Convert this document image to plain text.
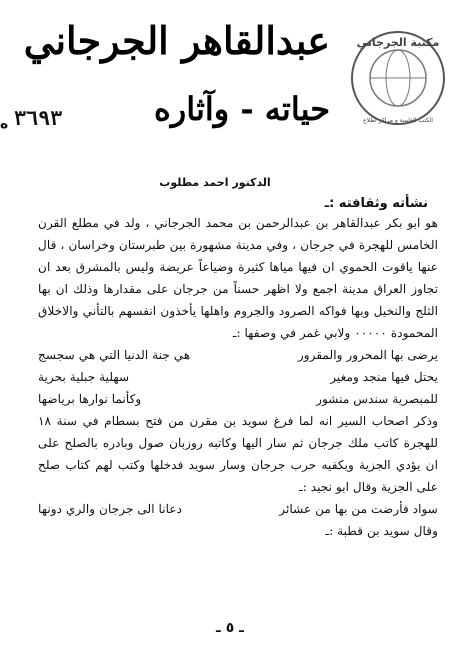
عبدالقاهر الجرجاني
حياته - وآثاره
ه ٣٦٩٣
مكتبة الجرجاني
الكتب العلمية و مراكز اطلاع
الدكتور احمد مطلوب
نشأته وثقافته :ـ

هو ابو بكر عبدالقاهر بن عبدالرحمن بن محمد الجرجاني ، ولد في مطلع القرن الخامس للهجرة في جرجان ، وفي مدينة مشهورة بين طبرستان وخراسان ، قال عنها ياقوت الحموي ان فيها مياها كثيرة وضياعاً عريضة وليس بالمشرق بعد ان تجاوز العراق مدينة اجمع ولا اظهر حسناً من جرجان على مقدارها وذلك ان بها الثلج والنخيل وبها فواكه الصرود والجروم واهلها يأخذون انفسهم بالتأني والاخلاق المحمودة ٠٠٠٠٠ ولابي غمر في وصفها :ـ

هي جنة الدنيا التي هي سجسج	يرضى بها المحرور والمقرور
سهلية جبلية بحرية	يحتل فيها منجد ومغير
وكأنما نوارها برياضها	للمبصرية سندس منشور

وذكر اصحاب السير انه لما فرغ سويد بن مقرن من فتح بسطام في سنة ١٨ للهجرة كاتب ملك جرجان ثم سار اليها وكاتبه روزبان صول وبادره بالصلح على ان يؤدي الجزية ويكفيه حرب جرجان وسار سويد فدخلها وكتب لهم كتاب صلح على الجزية وقال ابو نجيد :ـ

دعانا الى جرجان والري دونها	سواد فأرضت من بها من عشائر

وقال سويد بن قطبة :ـ

ـ ٥ ـ
